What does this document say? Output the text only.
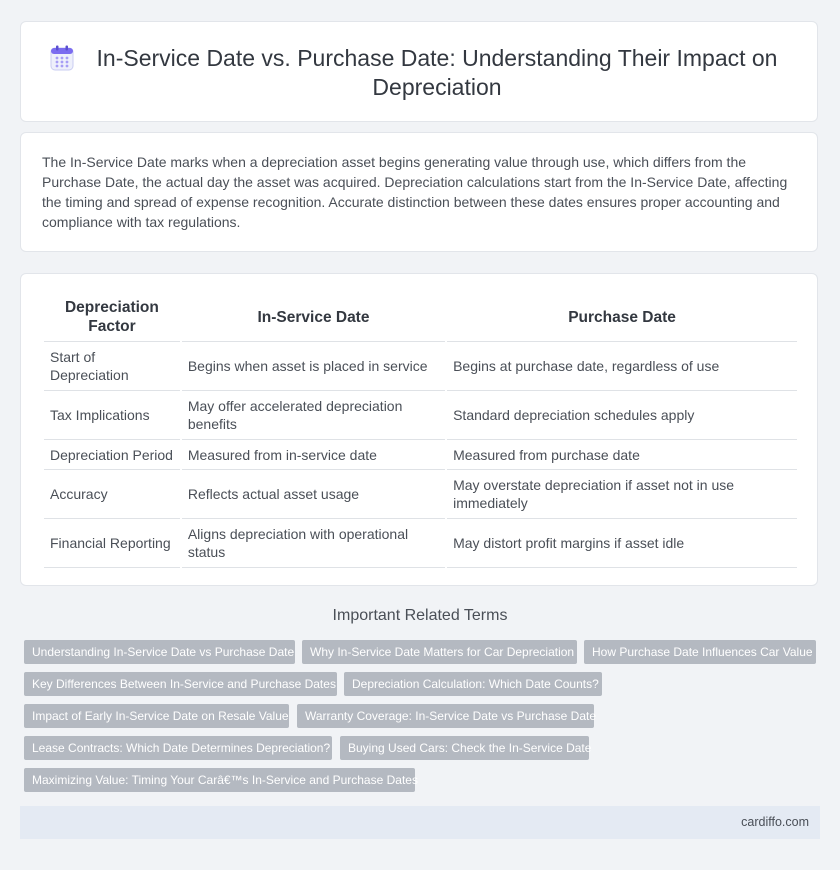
In-Service Date vs. Purchase Date: Understanding Their Impact on Depreciation

The In-Service Date marks when a depreciation asset begins generating value through use, which differs from the Purchase Date, the actual day the asset was acquired. Depreciation calculations start from the In-Service Date, affecting the timing and spread of expense recognition. Accurate distinction between these dates ensures proper accounting and compliance with tax regulations.

Depreciation Factor	In-Service Date	Purchase Date
Start of Depreciation	Begins when asset is placed in service	Begins at purchase date, regardless of use
Tax Implications	May offer accelerated depreciation benefits	Standard depreciation schedules apply
Depreciation Period	Measured from in-service date	Measured from purchase date
Accuracy	Reflects actual asset usage	May overstate depreciation if asset not in use immediately
Financial Reporting	Aligns depreciation with operational status	May distort profit margins if asset idle
Important Related Terms
Understanding In-Service Date vs Purchase Date	Why In-Service Date Matters for Car Depreciation	How Purchase Date Influences Car Value
Key Differences Between In-Service and Purchase Dates	Depreciation Calculation: Which Date Counts?
Impact of Early In-Service Date on Resale Value	Warranty Coverage: In-Service Date vs Purchase Date
Lease Contracts: Which Date Determines Depreciation?	Buying Used Cars: Check the In-Service Date
Maximizing Value: Timing Your Carâ€™s In-Service and Purchase Dates
cardiffo.com
